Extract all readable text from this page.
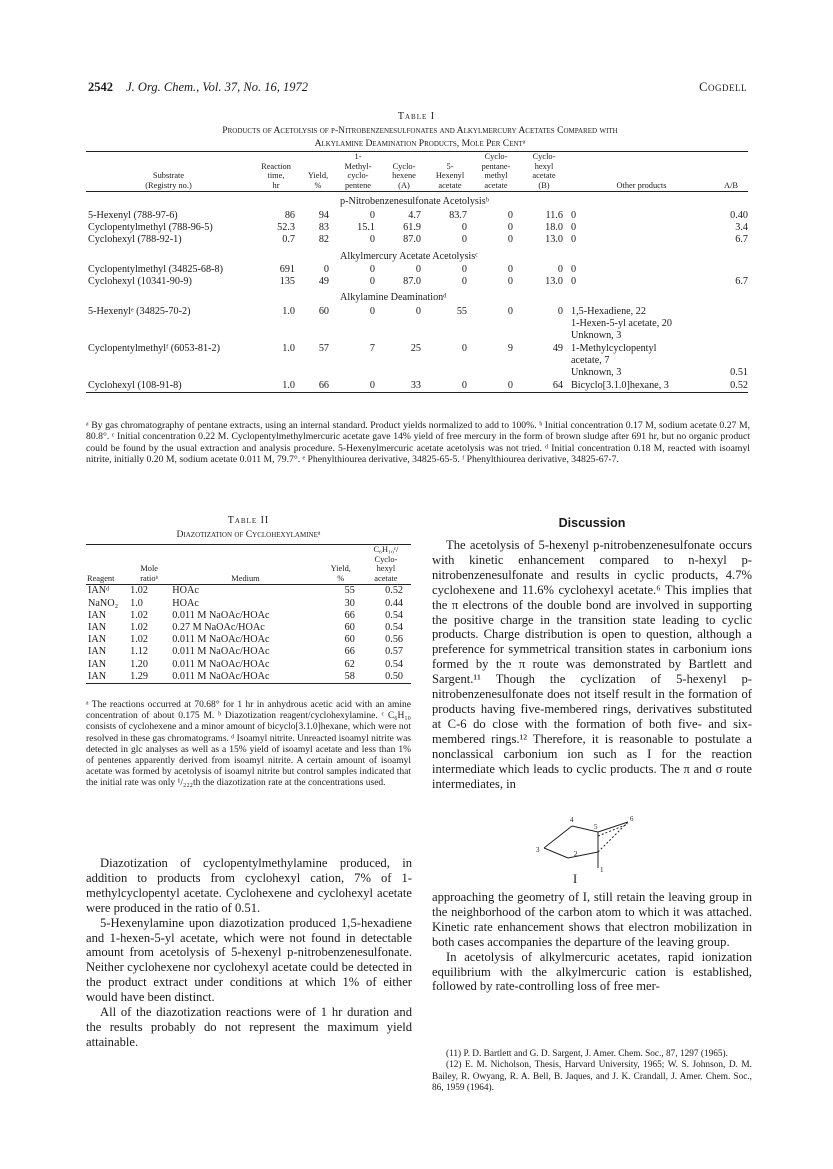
2542 J. Org. Chem., Vol. 37, No. 16, 1972	Cogdell
Table I
Products of Acetolysis of p-Nitrobenzenesulfonates and Alkylmercury Acetates Compared with
Alkylamine Deamination Products, Mole Per Centᵃ
Substrate
(Registry no.)	Reaction
time,
hr	Yield,
%	1-
Methyl-
cyclo-
pentene	Cyclo-
hexene
(A)	5-
Hexenyl
acetate	Cyclo-
pentane-
methyl
acetate	Cyclo-
hexyl
acetate
(B)	Other products	A/B
			p-Nitrobenzenesulfonate Acetolysisᵇ						
5-Hexenyl (788-97-6)	86	94	0	4.7	83.7	0	11.6	0	0.40
Cyclopentylmethyl (788-96-5)	52.3	83	15.1	61.9	0	0	18.0	0	3.4
Cyclohexyl (788-92-1)	0.7	82	0	87.0	0	0	13.0	0	6.7
			Alkylmercury Acetate Acetolysisᶜ						
Cyclopentylmethyl (34825-68-8)	691	0	0	0	0	0	0	0	
Cyclohexyl (10341-90-9)	135	49	0	87.0	0	0	13.0	0	6.7
			Alkylamine Deaminationᵈ						
5-Hexenylᵉ (34825-70-2)	1.0	60	0	0	55	0	0	1,5-Hexadiene, 22
1-Hexen-5-yl acetate, 20
Unknown, 3	
Cyclopentylmethylᶠ (6053-81-2)	1.0	57	7	25	0	9	49	1-Methylcyclopentyl
acetate, 7
Unknown, 3	0.51
Cyclohexyl (108-91-8)	1.0	66	0	33	0	0	64	Bicyclo[3.1.0]hexane, 3	0.52
ᵃ By gas chromatography of pentane extracts, using an internal standard. Product yields normalized to add to 100%. ᵇ Initial concentration 0.17 M, sodium acetate 0.27 M, 80.8°. ᶜ Initial concentration 0.22 M. Cyclopentylmethylmercuric acetate gave 14% yield of free mercury in the form of brown sludge after 691 hr, but no organic product could be found by the usual extraction and analysis procedure. 5-Hexenylmercuric acetate acetolysis was not tried. ᵈ Initial concentration 0.18 M, reacted with isoamyl nitrite, initially 0.20 M, sodium acetate 0.011 M, 79.7°. ᵉ Phenylthiourea derivative, 34825-65-5. ᶠ Phenylthiourea derivative, 34825-67-7.
Table II
Diazotization of Cyclohexylamineᵃ
Reagent	Mole
ratioᵇ	Medium	Yield,
%	C₆H₁₀ᶜ/
Cyclo-
hexyl
acetate
IANᵈ	1.02	HOAc	55	0.52
NaNO₂	1.0	HOAc	30	0.44
IAN	1.02	0.011 M NaOAc/HOAc	66	0.54
IAN	1.02	0.27 M NaOAc/HOAc	60	0.54
IAN	1.02	0.011 M NaOAc/HOAc	60	0.56
IAN	1.12	0.011 M NaOAc/HOAc	66	0.57
IAN	1.20	0.011 M NaOAc/HOAc	62	0.54
IAN	1.29	0.011 M NaOAc/HOAc	58	0.50
ᵃ The reactions occurred at 70.68° for 1 hr in anhydrous acetic acid with an amine concentration of about 0.175 M. ᵇ Diazotization reagent/cyclohexylamine. ᶜ C₆H₁₀ consists of cyclohexene and a minor amount of bicyclo[3.1.0]hexane, which were not resolved in these gas chromatograms. ᵈ Isoamyl nitrite. Unreacted isoamyl nitrite was detected in glc analyses as well as a 15% yield of isoamyl acetate and less than 1% of pentenes apparently derived from isoamyl nitrite. A certain amount of isoamyl acetate was formed by acetolysis of isoamyl nitrite but control samples indicated that the initial rate was only ¹/₂₂₂th the diazotization rate at the concentrations used.

Diazotization of cyclopentylmethylamine produced, in addition to products from cyclohexyl cation, 7% of 1-methylcyclopentyl acetate. Cyclohexene and cyclohexyl acetate were produced in the ratio of 0.51.

5-Hexenylamine upon diazotization produced 1,5-hexadiene and 1-hexen-5-yl acetate, which were not found in detectable amount from acetolysis of 5-hexenyl p-nitrobenzenesulfonate. Neither cyclohexene nor cyclohexyl acetate could be detected in the product extract under conditions at which 1% of either would have been distinct.

All of the diazotization reactions were of 1 hr duration and the results probably do not represent the maximum yield attainable.

Discussion

The acetolysis of 5-hexenyl p-nitrobenzenesulfonate occurs with kinetic enhancement compared to n-hexyl p-nitrobenzenesulfonate and results in cyclic products, 4.7% cyclohexene and 11.6% cyclohexyl acetate.⁶ This implies that the π electrons of the double bond are involved in supporting the positive charge in the transition state leading to cyclic products. Charge distribution is open to question, although a preference for symmetrical transition states in carbonium ions formed by the π route was demonstrated by Bartlett and Sargent.¹¹ Though the cyclization of 5-hexenyl p-nitrobenzenesulfonate does not itself result in the formation of products having five-membered rings, derivatives substituted at C-6 do close with the formation of both five- and six-membered rings.¹² Therefore, it is reasonable to postulate a nonclassical carbonium ion such as I for the reaction intermediate which leads to cyclic products. The π and σ route intermediates, in

1
2
3
4
5
6
I

approaching the geometry of I, still retain the leaving group in the neighborhood of the carbon atom to which it was attached. Kinetic rate enhancement shows that electron mobilization in both cases accompanies the departure of the leaving group.

In acetolysis of alkylmercuric acetates, rapid ionization equilibrium with the alkylmercuric cation is established, followed by rate-controlling loss of free mer-

(11) P. D. Bartlett and G. D. Sargent, J. Amer. Chem. Soc., 87, 1297 (1965).

(12) E. M. Nicholson, Thesis, Harvard University, 1965; W. S. Johnson, D. M. Bailey, R. Owyang, R. A. Bell, B. Jaques, and J. K. Crandall, J. Amer. Chem. Soc., 86, 1959 (1964).
